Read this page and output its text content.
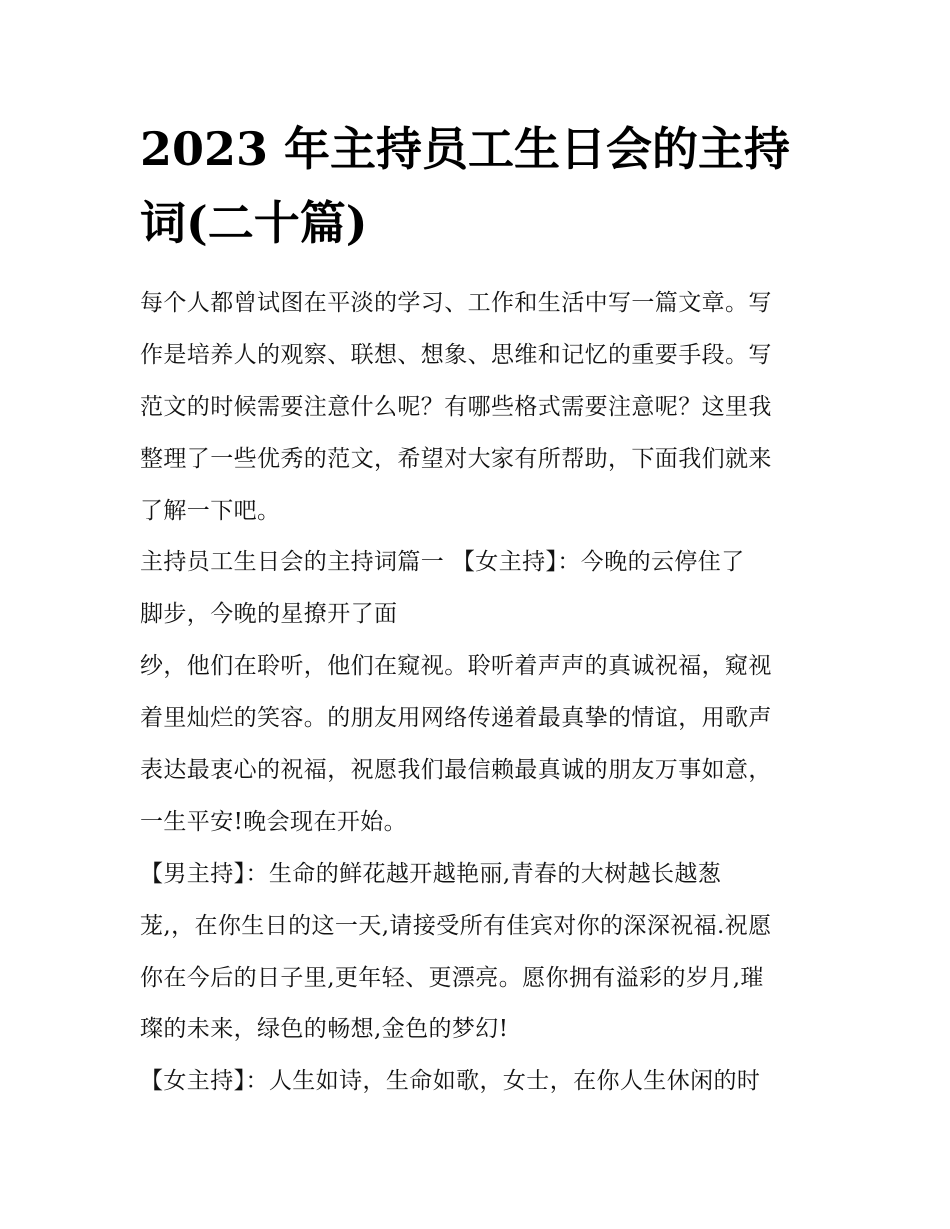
2023 年主持员工生日会的主持
词(二十篇)
每个人都曾试图在平淡的学习、工作和生活中写一篇文章。写
作是培养人的观察、联想、想象、思维和记忆的重要手段。写
范文的时候需要注意什么呢？有哪些格式需要注意呢？这里我
整理了一些优秀的范文，希望对大家有所帮助，下面我们就来
了解一下吧。
主持员工生日会的主持词篇一 【女主持】：今晚的云停住了
脚步，今晚的星撩开了面
纱，他们在聆听，他们在窥视。聆听着声声的真诚祝福，窥视
着里灿烂的笑容。的朋友用网络传递着最真挚的情谊，用歌声
表达最衷心的祝福，祝愿我们最信赖最真诚的朋友万事如意，
一生平安!晚会现在开始。
【男主持】：生命的鲜花越开越艳丽,青春的大树越长越葱
茏,，在你生日的这一天,请接受所有佳宾对你的深深祝福.祝愿
你在今后的日子里,更年轻、更漂亮。愿你拥有溢彩的岁月,璀
璨的未来，绿色的畅想,金色的梦幻!
【女主持】：人生如诗，生命如歌，女士，在你人生休闲的时
